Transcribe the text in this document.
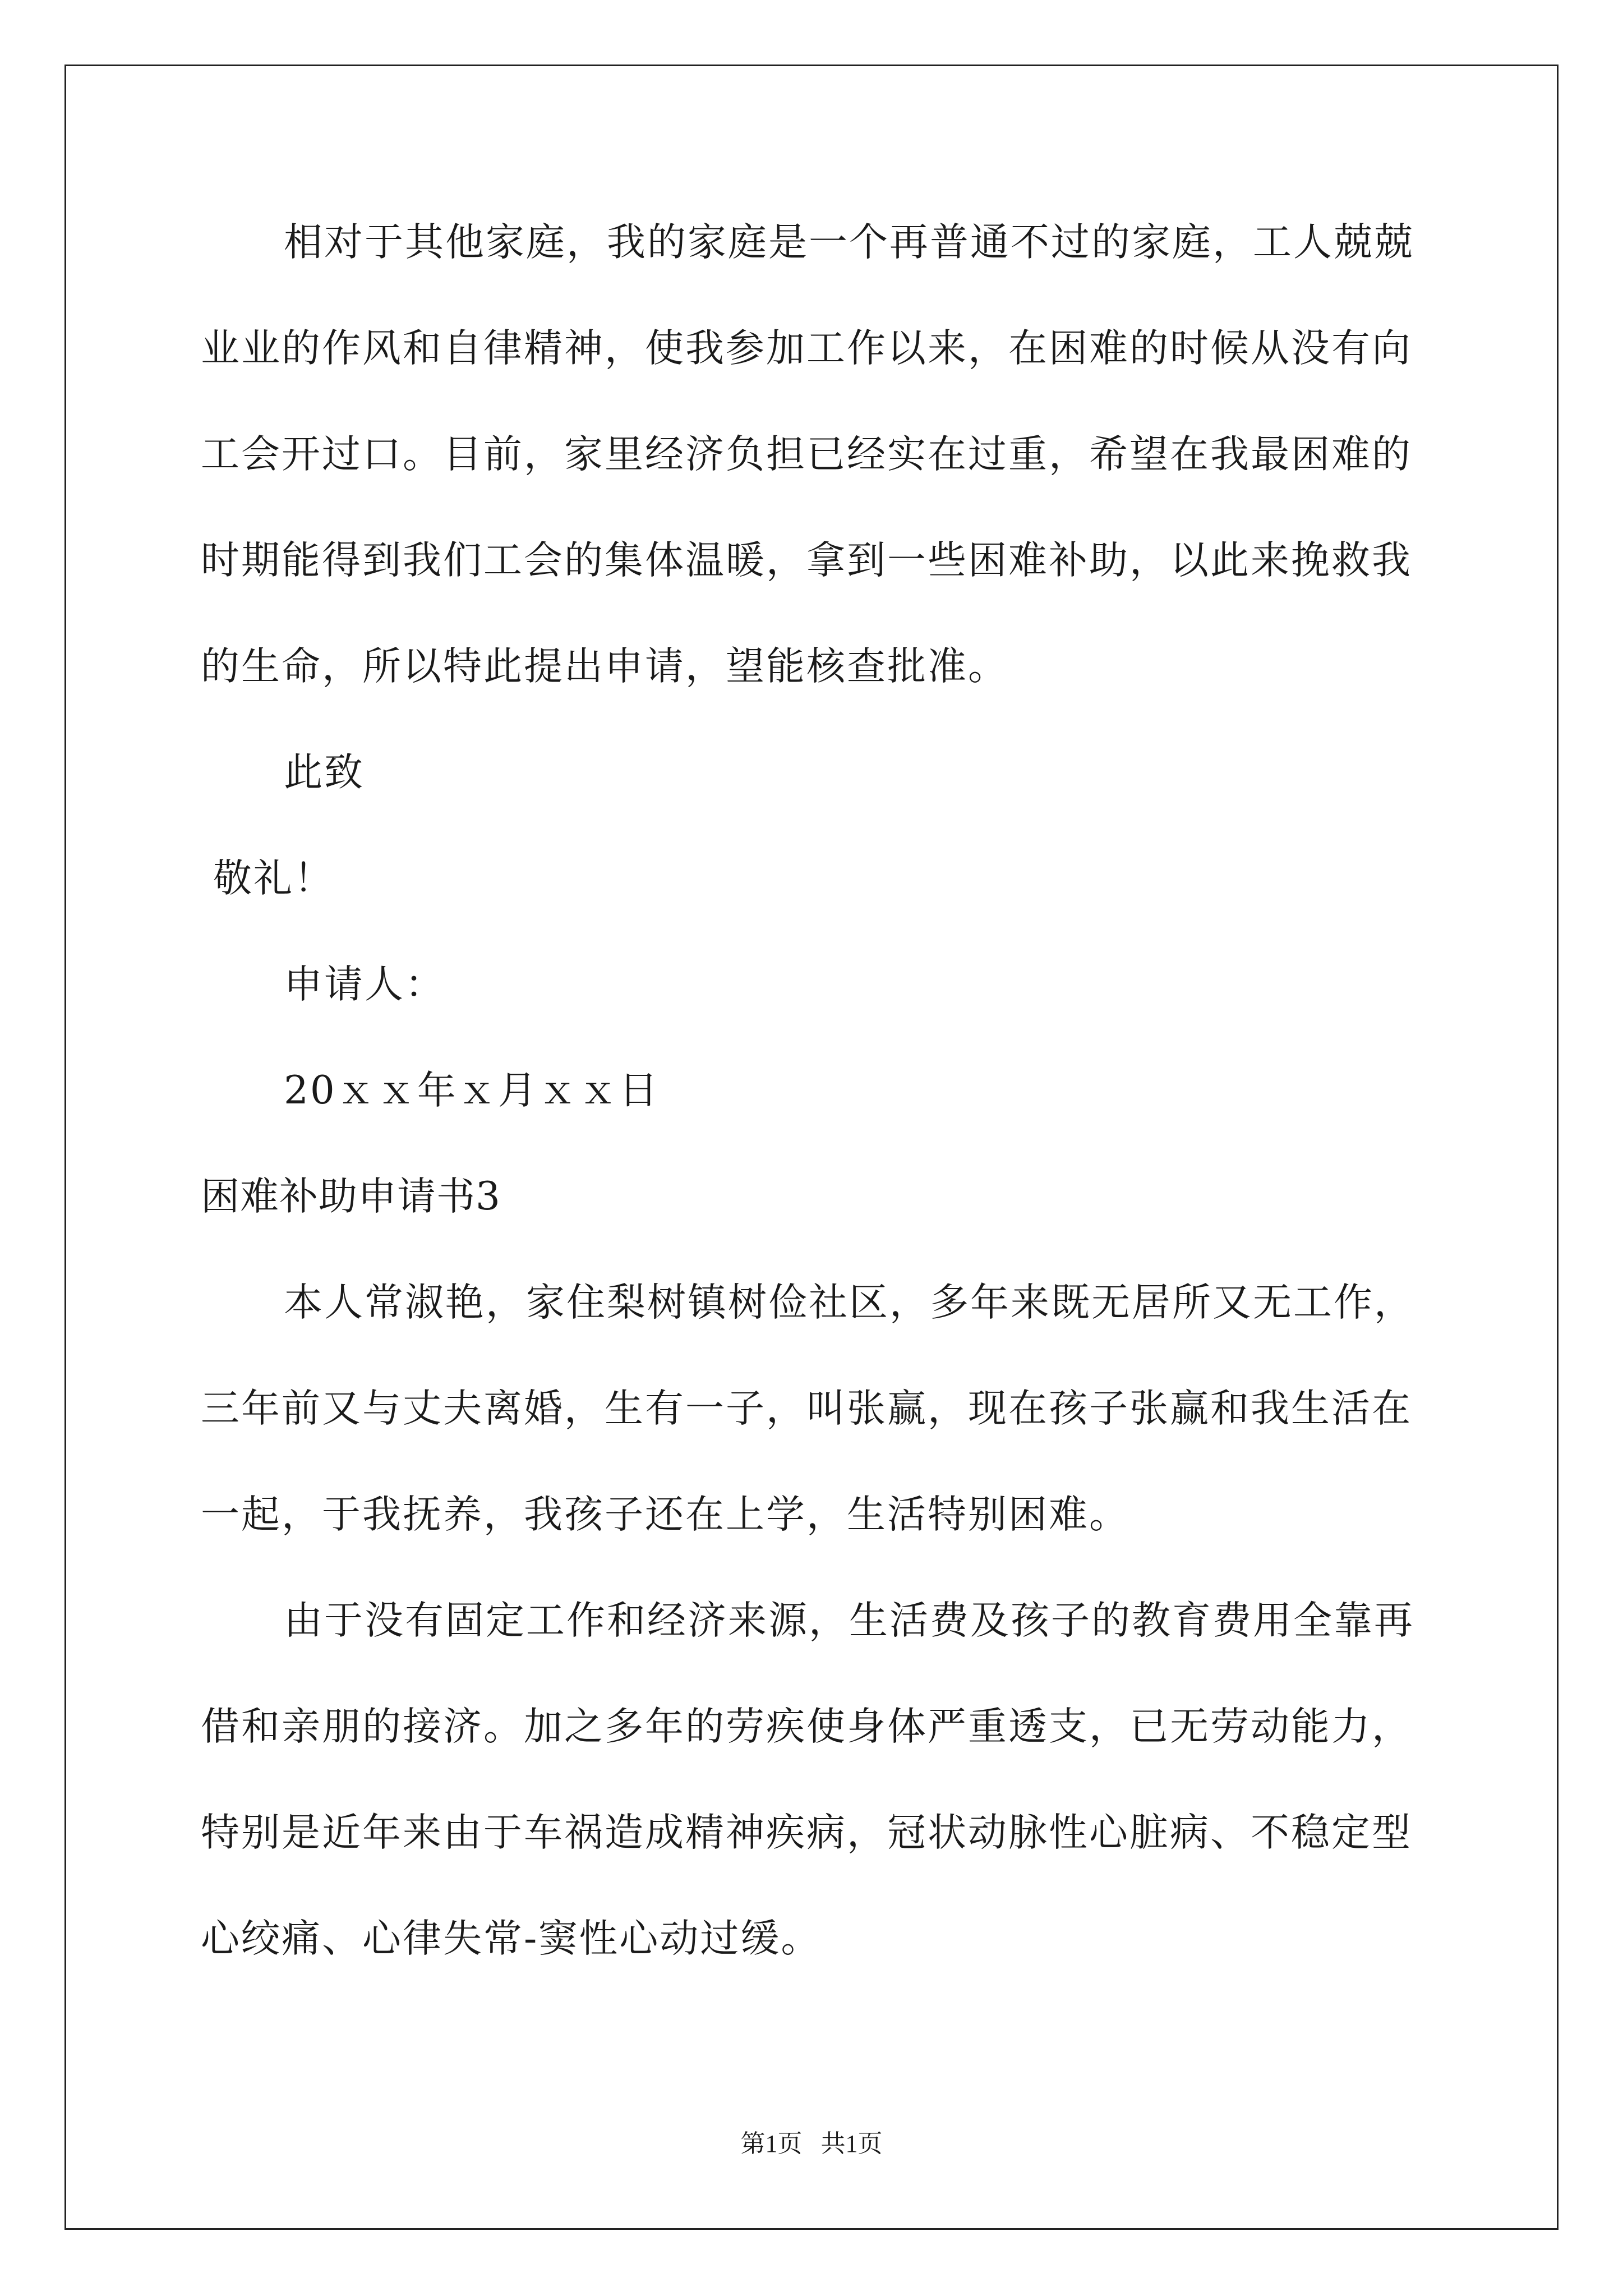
相对于其他家庭，我的家庭是一个再普通不过的家庭，工人兢兢
业业的作风和自律精神，使我参加工作以来，在困难的时候从没有向
工会开过口。目前，家里经济负担已经实在过重，希望在我最困难的
时期能得到我们工会的集体温暖，拿到一些困难补助，以此来挽救我
的生命，所以特此提出申请，望能核查批准。
此致
敬礼！
申请人：
20ｘｘ年ｘ月ｘｘ日
困难补助申请书3
本人常淑艳，家住梨树镇树俭社区，多年来既无居所又无工作，
三年前又与丈夫离婚，生有一子，叫张赢，现在孩子张赢和我生活在
一起，于我抚养，我孩子还在上学，生活特别困难。
由于没有固定工作和经济来源，生活费及孩子的教育费用全靠再
借和亲朋的接济。加之多年的劳疾使身体严重透支，已无劳动能力，
特别是近年来由于车祸造成精神疾病，冠状动脉性心脏病、不稳定型
心绞痛、心律失常-窦性心动过缓。
第1页   共1页
